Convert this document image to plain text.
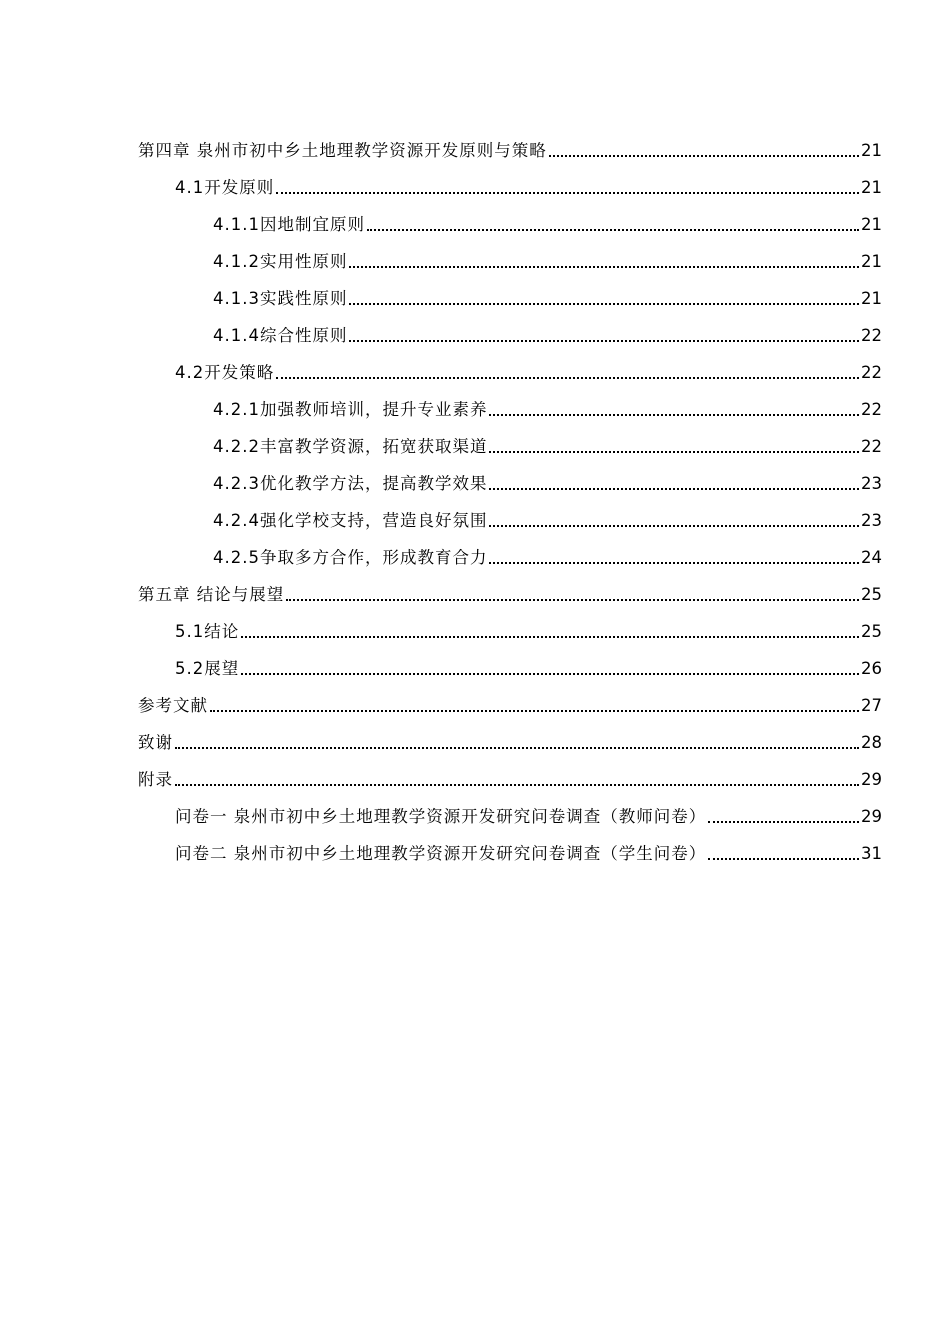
第四章 泉州市初中乡土地理教学资源开发原则与策略	21
4.1开发原则	21
4.1.1因地制宜原则	21
4.1.2实用性原则	21
4.1.3实践性原则	21
4.1.4综合性原则	22
4.2开发策略	22
4.2.1加强教师培训，提升专业素养	22
4.2.2丰富教学资源，拓宽获取渠道	22
4.2.3优化教学方法，提高教学效果	23
4.2.4强化学校支持，营造良好氛围	23
4.2.5争取多方合作，形成教育合力	24
第五章 结论与展望	25
5.1结论	25
5.2展望	26
参考文献	27
致谢	28
附录	29
问卷一 泉州市初中乡土地理教学资源开发研究问卷调查（教师问卷）	29
问卷二 泉州市初中乡土地理教学资源开发研究问卷调查（学生问卷）	31
